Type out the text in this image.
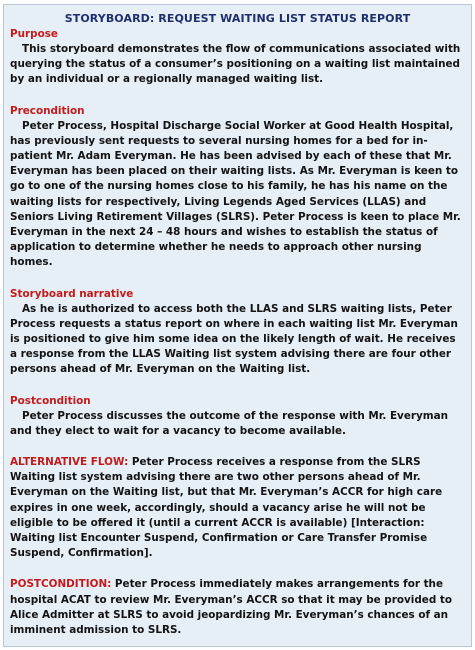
STORYBOARD: REQUEST WAITING LIST STATUS REPORT
Purpose

This storyboard demonstrates the flow of communications associated with querying the status of a consumer’s positioning on a waiting list maintained by an individual or a regionally managed waiting list.

Precondition

Peter Process, Hospital Discharge Social Worker at Good Health Hospital, has previously sent requests to several nursing homes for a bed for in-patient Mr. Adam Everyman. He has been advised by each of these that Mr. Everyman has been placed on their waiting lists. As Mr. Everyman is keen to go to one of the nursing homes close to his family, he has his name on the waiting lists for respectively, Living Legends Aged Services (LLAS) and Seniors Living Retirement Villages (SLRS). Peter Process is keen to place Mr. Everyman in the next 24 – 48 hours and wishes to establish the status of application to determine whether he needs to approach other nursing homes.

Storyboard narrative

As he is authorized to access both the LLAS and SLRS waiting lists, Peter Process requests a status report on where in each waiting list Mr. Everyman is positioned to give him some idea on the likely length of wait. He receives a response from the LLAS Waiting list system advising there are four other persons ahead of Mr. Everyman on the Waiting list.

Postcondition

Peter Process discusses the outcome of the response with Mr. Everyman and they elect to wait for a vacancy to become available.

ALTERNATIVE FLOW: Peter Process receives a response from the SLRS Waiting list system advising there are two other persons ahead of Mr. Everyman on the Waiting list, but that Mr. Everyman’s ACCR for high care expires in one week, accordingly, should a vacancy arise he will not be eligible to be offered it (until a current ACCR is available) [Interaction: Waiting list Encounter Suspend, Confirmation or Care Transfer Promise Suspend, Confirmation].

POSTCONDITION: Peter Process immediately makes arrangements for the hospital ACAT to review Mr. Everyman’s ACCR so that it may be provided to Alice Admitter at SLRS to avoid jeopardizing Mr. Everyman’s chances of an imminent admission to SLRS.
